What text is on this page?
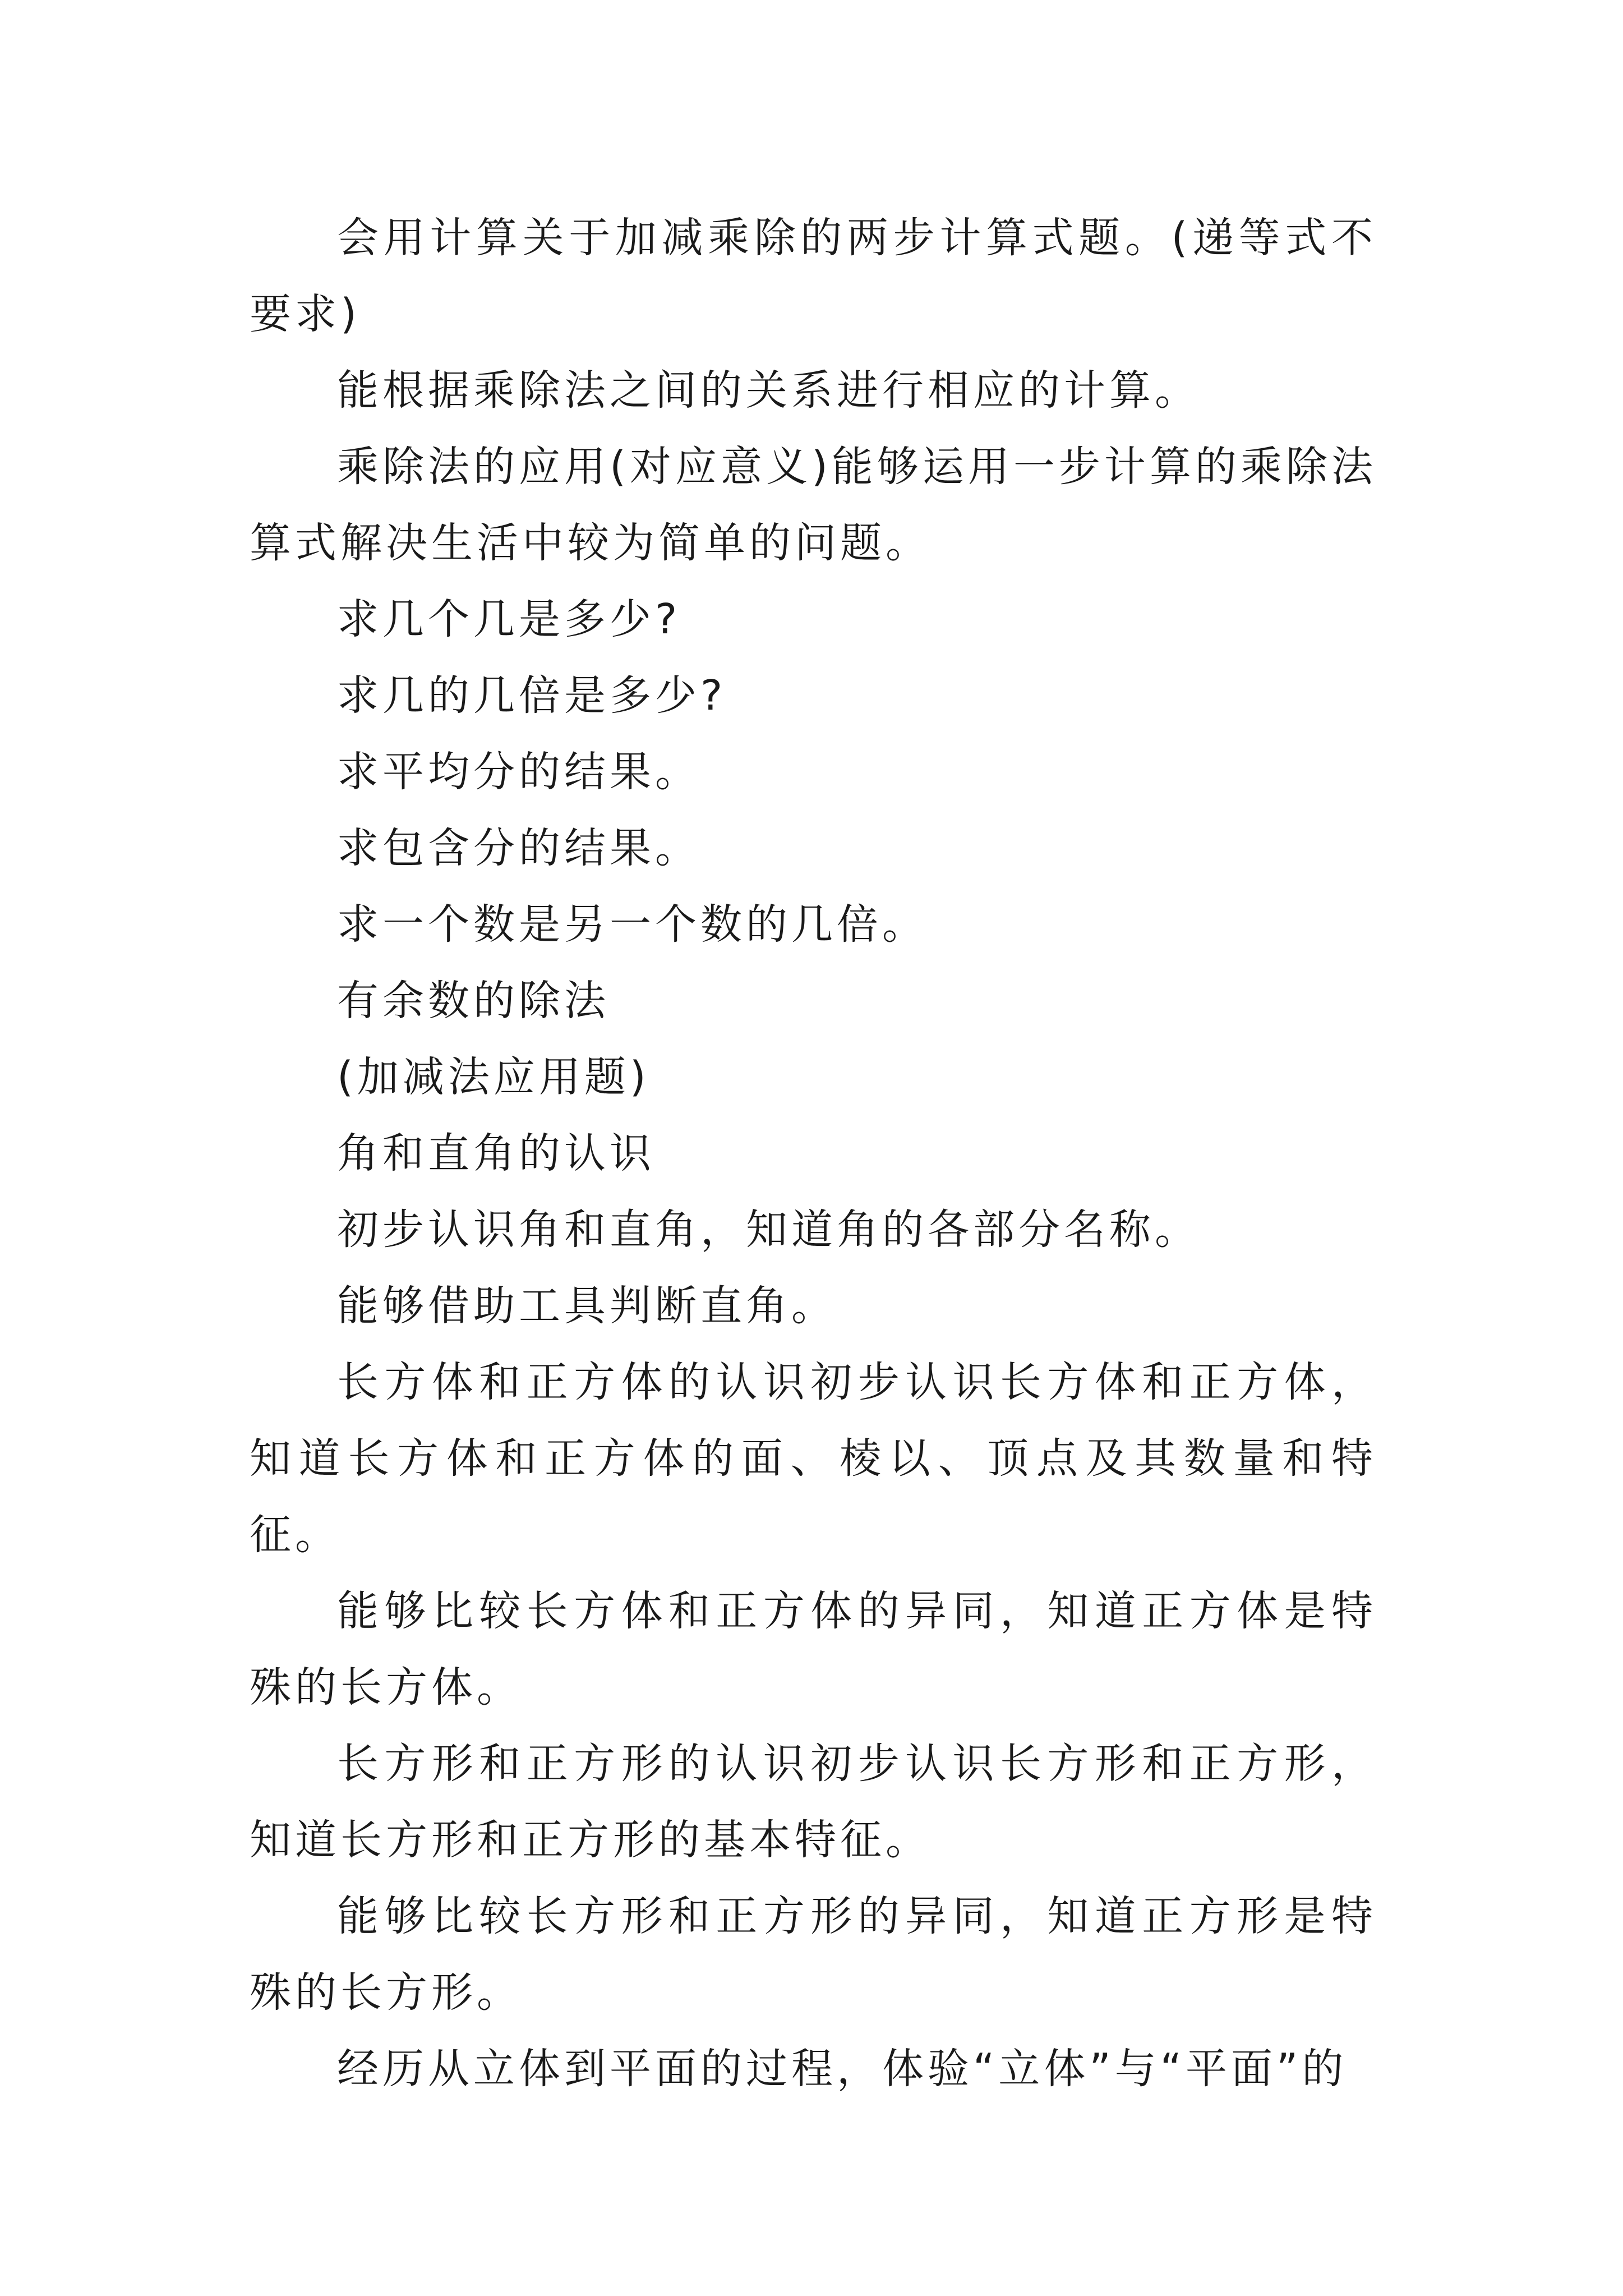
会用计算关于加减乘除的两步计算式题。(递等式不要求)

能根据乘除法之间的关系进行相应的计算。

乘除法的应用(对应意义)能够运用一步计算的乘除法算式解决生活中较为简单的问题。

求几个几是多少?

求几的几倍是多少?

求平均分的结果。

求包含分的结果。

求一个数是另一个数的几倍。

有余数的除法

(加减法应用题)

角和直角的认识

初步认识角和直角，知道角的各部分名称。

能够借助工具判断直角。

长方体和正方体的认识初步认识长方体和正方体，知道长方体和正方体的面、棱以、顶点及其数量和特征。

能够比较长方体和正方体的异同，知道正方体是特殊的长方体。

长方形和正方形的认识初步认识长方形和正方形，知道长方形和正方形的基本特征。

能够比较长方形和正方形的异同，知道正方形是特殊的长方形。

经历从立体到平面的过程，体验“立体”与“平面”的
